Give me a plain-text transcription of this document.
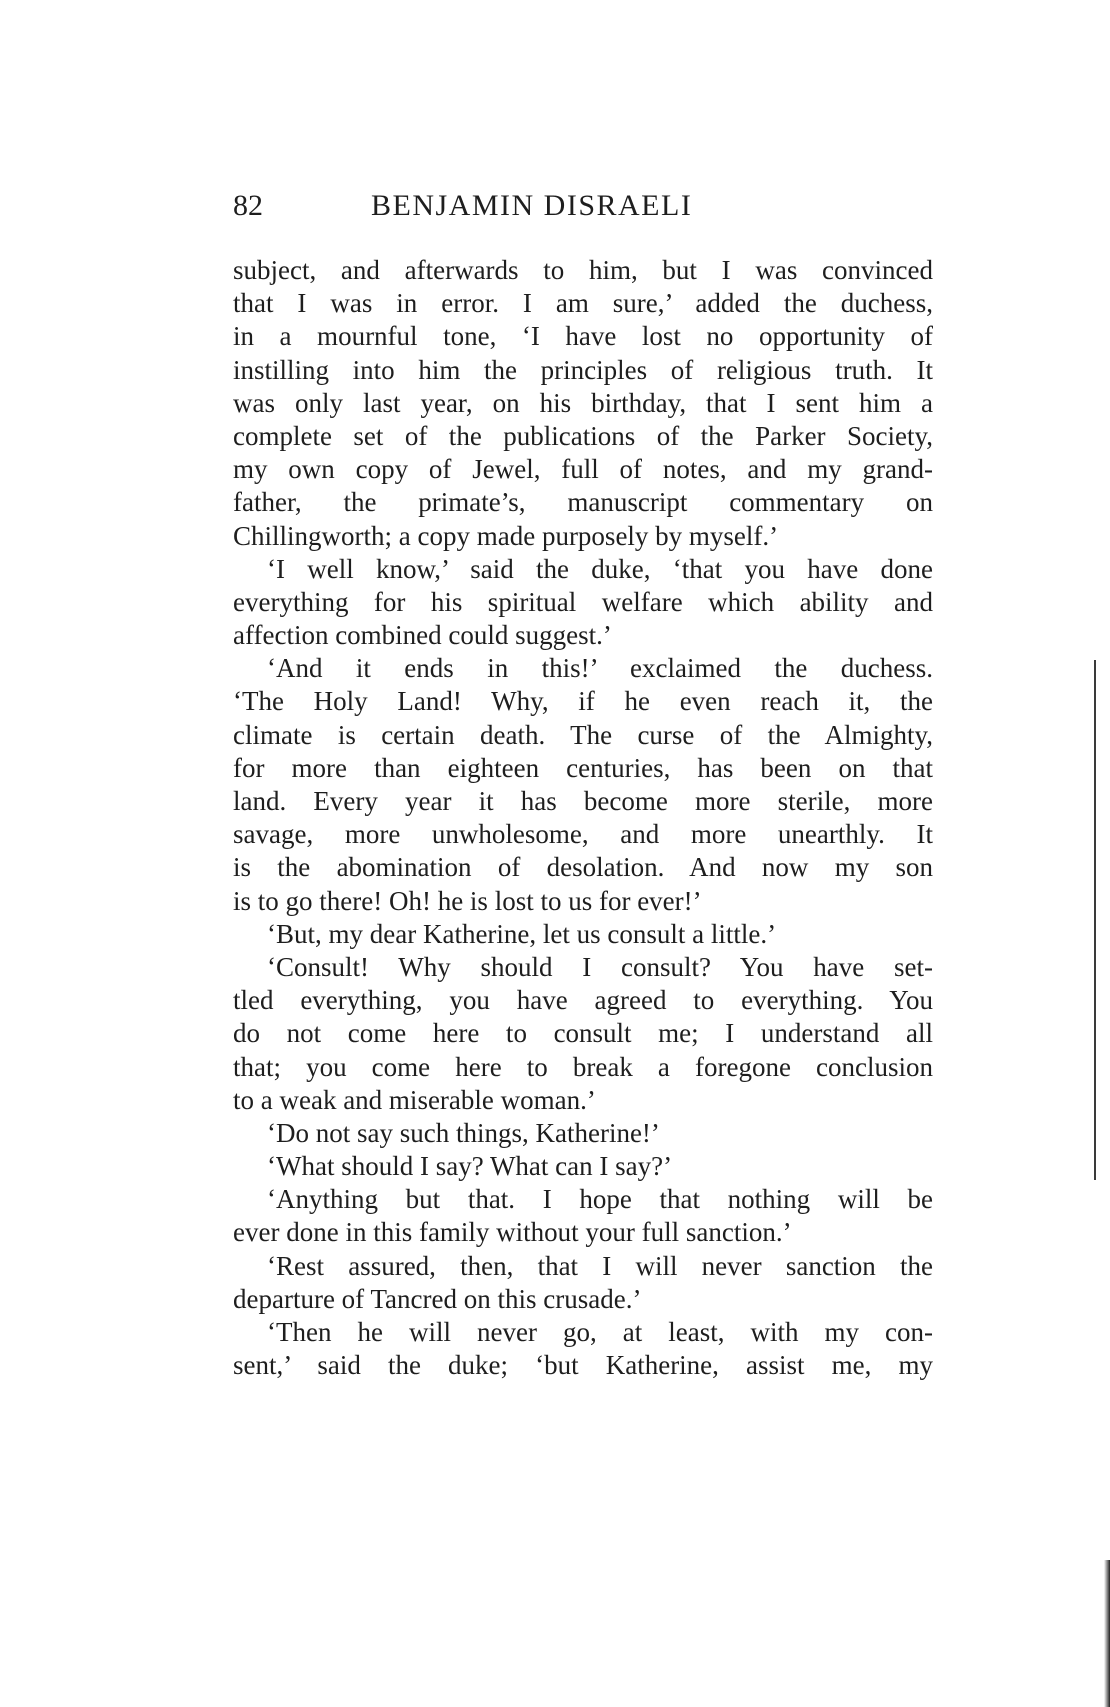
82	BENJAMIN DISRAELI
subject, and afterwards to him, but I was convinced
that I was in error. I am sure,’ added the duchess,
in a mournful tone, ‘I have lost no opportunity of
instilling into him the principles of religious truth. It
was only last year, on his birthday, that I sent him a
complete set of the publications of the Parker Society,
my own copy of Jewel, full of notes, and my grand-
father, the primate’s, manuscript commentary on
Chillingworth; a copy made purposely by myself.’
‘I well know,’ said the duke, ‘that you have done
everything for his spiritual welfare which ability and
affection combined could suggest.’
‘And it ends in this!’ exclaimed the duchess.
‘The Holy Land! Why, if he even reach it, the
climate is certain death. The curse of the Almighty,
for more than eighteen centuries, has been on that
land. Every year it has become more sterile, more
savage, more unwholesome, and more unearthly. It
is the abomination of desolation. And now my son
is to go there! Oh! he is lost to us for ever!’
‘But, my dear Katherine, let us consult a little.’
‘Consult! Why should I consult? You have set-
tled everything, you have agreed to everything. You
do not come here to consult me; I understand all
that; you come here to break a foregone conclusion
to a weak and miserable woman.’
‘Do not say such things, Katherine!’
‘What should I say? What can I say?’
‘Anything but that. I hope that nothing will be
ever done in this family without your full sanction.’
‘Rest assured, then, that I will never sanction the
departure of Tancred on this crusade.’
‘Then he will never go, at least, with my con-
sent,’ said the duke; ‘but Katherine, assist me, my
